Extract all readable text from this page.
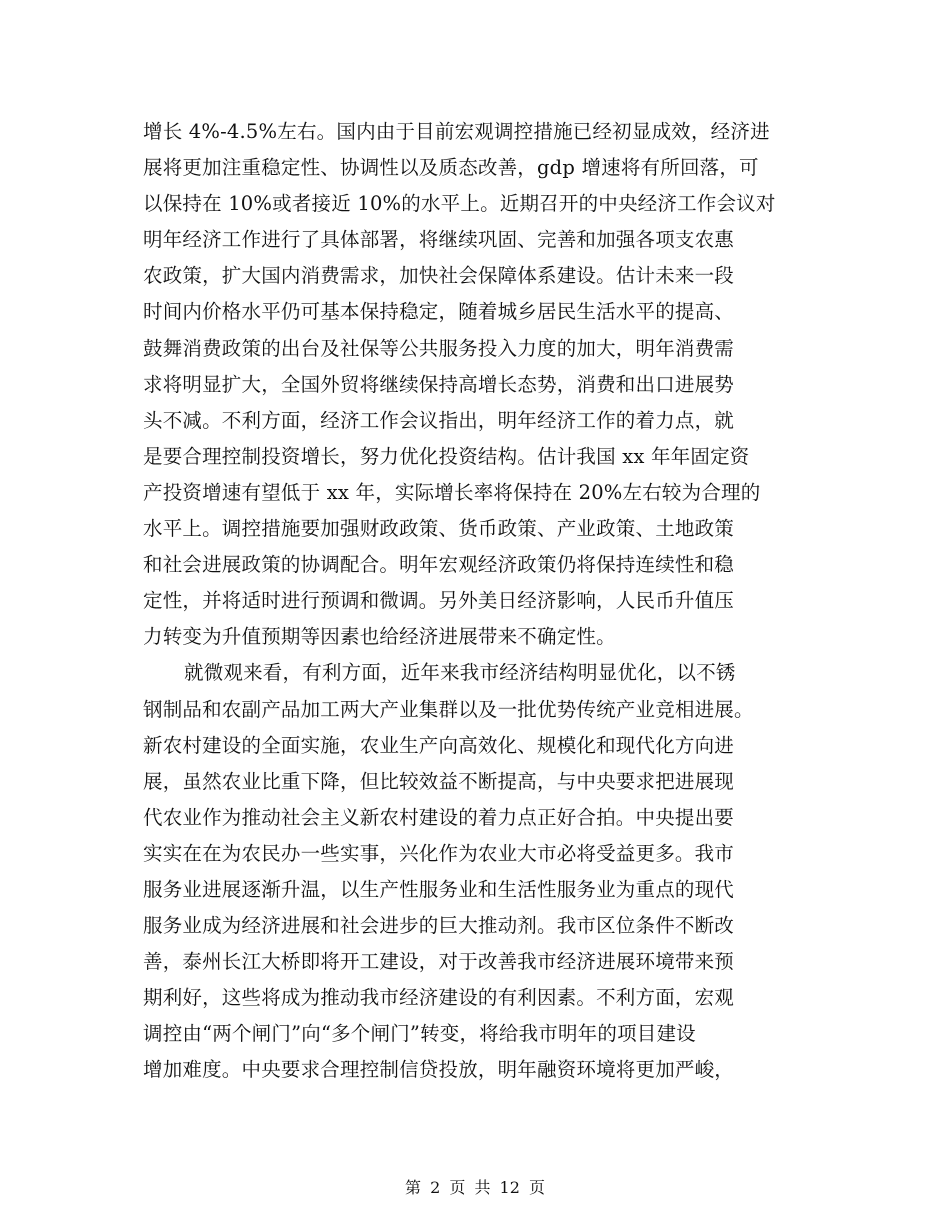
增长 4%-4.5%左右。国内由于目前宏观调控措施已经初显成效，经济进
展将更加注重稳定性、协调性以及质态改善，gdp 增速将有所回落，可
以保持在 10%或者接近 10%的水平上。近期召开的中央经济工作会议对
明年经济工作进行了具体部署，将继续巩固、完善和加强各项支农惠
农政策，扩大国内消费需求，加快社会保障体系建设。估计未来一段
时间内价格水平仍可基本保持稳定，随着城乡居民生活水平的提高、
鼓舞消费政策的出台及社保等公共服务投入力度的加大，明年消费需
求将明显扩大，全国外贸将继续保持高增长态势，消费和出口进展势
头不减。不利方面，经济工作会议指出，明年经济工作的着力点，就
是要合理控制投资增长，努力优化投资结构。估计我国 xx 年年固定资
产投资增速有望低于 xx 年，实际增长率将保持在 20%左右较为合理的
水平上。调控措施要加强财政政策、货币政策、产业政策、土地政策
和社会进展政策的协调配合。明年宏观经济政策仍将保持连续性和稳
定性，并将适时进行预调和微调。另外美日经济影响，人民币升值压
力转变为升值预期等因素也给经济进展带来不确定性。
就微观来看，有利方面，近年来我市经济结构明显优化，以不锈
钢制品和农副产品加工两大产业集群以及一批优势传统产业竞相进展。
新农村建设的全面实施，农业生产向高效化、规模化和现代化方向进
展，虽然农业比重下降，但比较效益不断提高，与中央要求把进展现
代农业作为推动社会主义新农村建设的着力点正好合拍。中央提出要
实实在在为农民办一些实事，兴化作为农业大市必将受益更多。我市
服务业进展逐渐升温，以生产性服务业和生活性服务业为重点的现代
服务业成为经济进展和社会进步的巨大推动剂。我市区位条件不断改
善，泰州长江大桥即将开工建设，对于改善我市经济进展环境带来预
期利好，这些将成为推动我市经济建设的有利因素。不利方面，宏观
调控由“两个闸门”向“多个闸门”转变，将给我市明年的项目建设
增加难度。中央要求合理控制信贷投放，明年融资环境将更加严峻，
第 2 页 共 12 页
